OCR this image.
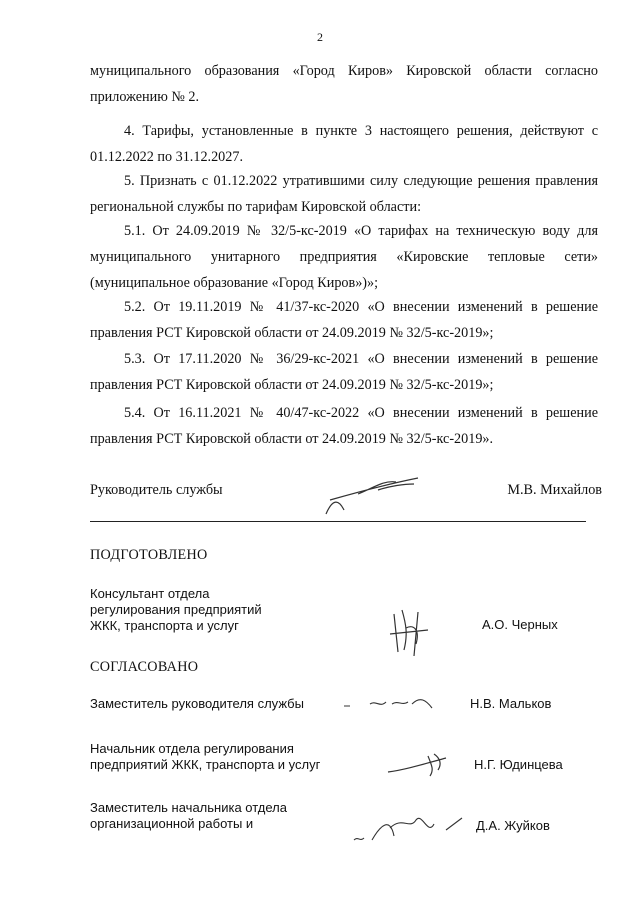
2

муниципального образования «Город Киров» Кировской области согласно приложению № 2.

4. Тарифы, установленные в пункте 3 настоящего решения, действуют с 01.12.2022 по 31.12.2027.

5. Признать с 01.12.2022 утратившими силу следующие решения правления региональной службы по тарифам Кировской области:

5.1. От 24.09.2019 № 32/5-кс-2019 «О тарифах на техническую воду для муниципального унитарного предприятия «Кировские тепловые сети» (муниципальное образование «Город Киров»)»;

5.2. От 19.11.2019 № 41/37-кс-2020 «О внесении изменений в решение правления РСТ Кировской области от 24.09.2019 № 32/5-кс-2019»;

5.3. От 17.11.2020 № 36/29-кс-2021 «О внесении изменений в решение правления РСТ Кировской области от 24.09.2019 № 32/5-кс-2019»;

5.4. От 16.11.2021 № 40/47-кс-2022 «О внесении изменений в решение правления РСТ Кировской области от 24.09.2019 № 32/5-кс-2019».

Руководитель службы	М.В. Михайлов
ПОДГОТОВЛЕНО
Консультант отдела
регулирования предприятий
ЖКК, транспорта и услуг	А.О. Черных
СОГЛАСОВАНО
Заместитель руководителя службы	Н.В. Мальков
Начальник отдела регулирования
предприятий ЖКК, транспорта и услуг	Н.Г. Юдинцева
Заместитель начальника отдела
организационной работы и	Д.А. Жуйков
